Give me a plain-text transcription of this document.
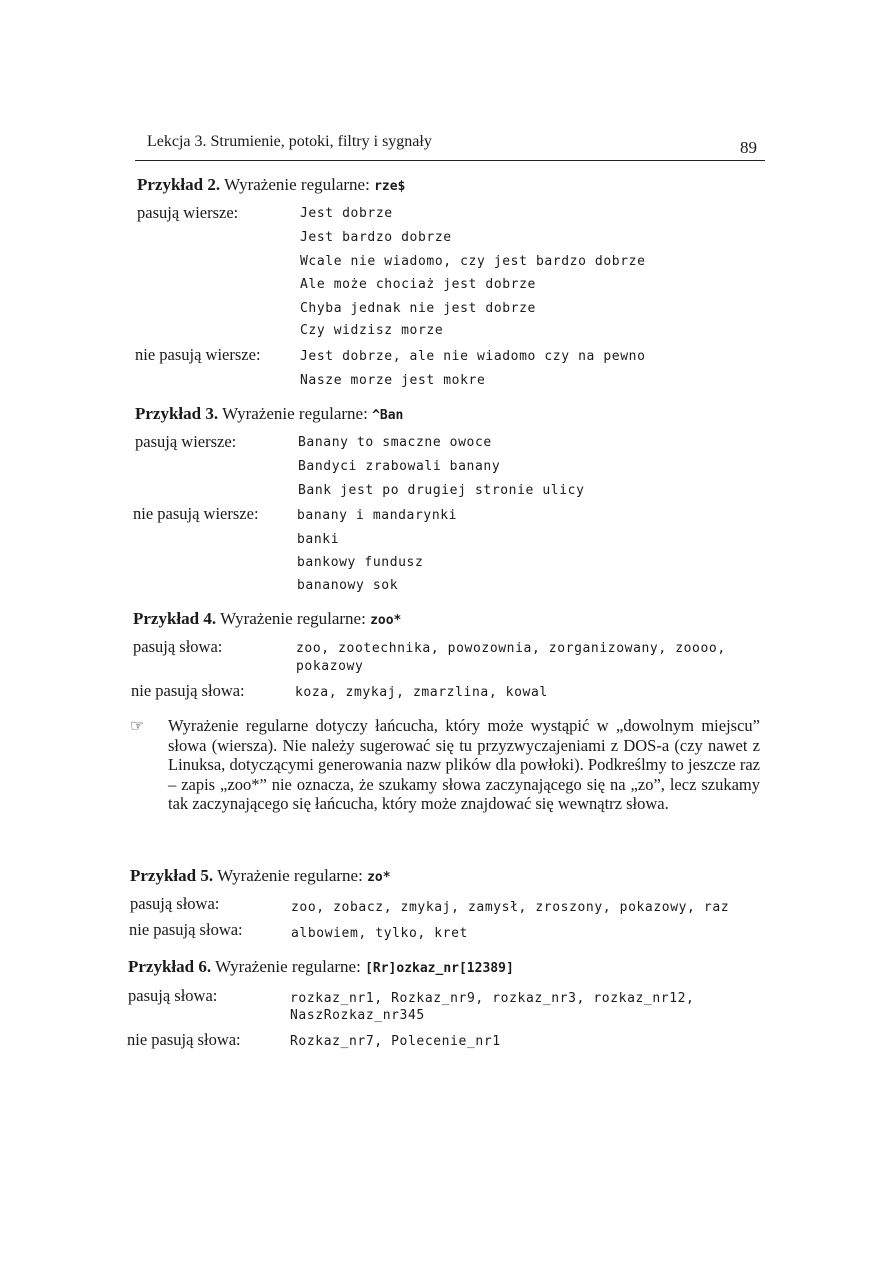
Lekcja 3. Strumienie, potoki, filtry i sygnały	89
Przykład 2. Wyrażenie regularne: rze$
pasują wiersze:	Jest dobrze
Jest bardzo dobrze
Wcale nie wiadomo, czy jest bardzo dobrze
Ale może chociaż jest dobrze
Chyba jednak nie jest dobrze
Czy widzisz morze
nie pasują wiersze:	Jest dobrze, ale nie wiadomo czy na pewno
Nasze morze jest mokre
Przykład 3. Wyrażenie regularne: ^Ban
pasują wiersze:	Banany to smaczne owoce
Bandyci zrabowali banany
Bank jest po drugiej stronie ulicy
nie pasują wiersze:	banany i mandarynki
banki
bankowy fundusz
bananowy sok
Przykład 4. Wyrażenie regularne: zoo*
pasują słowa:	zoo, zootechnika, powozownia, zorganizowany, zoooo,
pokazowy
nie pasują słowa:	koza, zmykaj, zmarzlina, kowal
☞ Wyrażenie regularne dotyczy łańcucha, który może wystąpić w „dowolnym miejscu” słowa (wiersza). Nie należy sugerować się tu przyzwyczajeniami z DOS-a (czy nawet z Linuksa, dotyczącymi generowania nazw plików dla powłoki). Podkreślmy to jeszcze raz – zapis „zoo*” nie oznacza, że szukamy słowa zaczynającego się na „zo”, lecz szukamy tak zaczynającego się łańcucha, który może znajdować się wewnątrz słowa.
Przykład 5. Wyrażenie regularne: zo*
pasują słowa:	zoo, zobacz, zmykaj, zamysł, zroszony, pokazowy, raz
nie pasują słowa:	albowiem, tylko, kret
Przykład 6. Wyrażenie regularne: [Rr]ozkaz_nr[12389]
pasują słowa:	rozkaz_nr1, Rozkaz_nr9, rozkaz_nr3, rozkaz_nr12,
NaszRozkaz_nr345
nie pasują słowa:	Rozkaz_nr7, Polecenie_nr1
